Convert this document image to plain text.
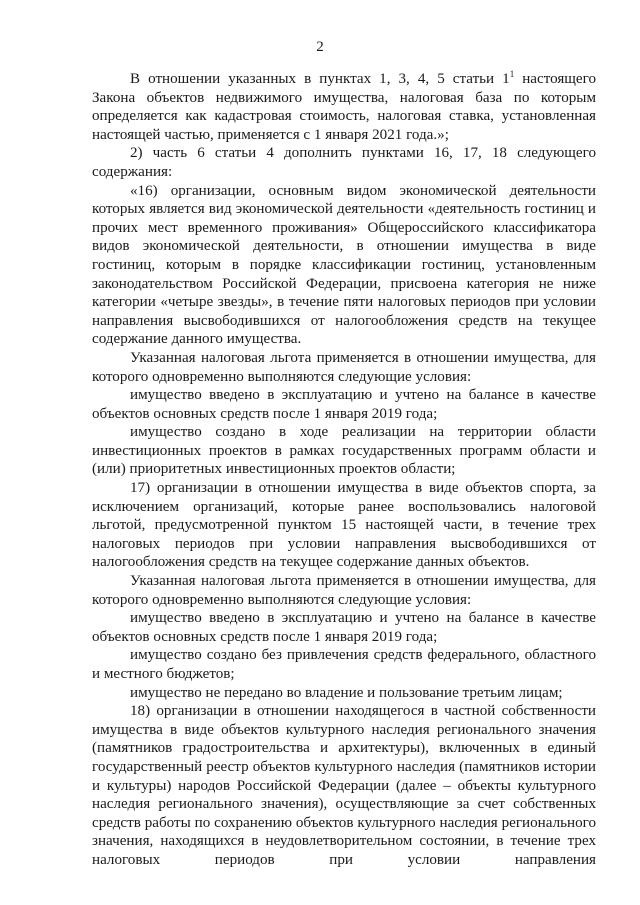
2

В отношении указанных в пунктах 1, 3, 4, 5 статьи $1^1$ настоящего Закона объектов недвижимого имущества, налоговая база по которым определяется как кадастровая стоимость, налоговая ставка, установленная настоящей частью, применяется с 1 января 2021 года.»;

2) часть 6 статьи 4 дополнить пунктами 16, 17, 18 следующего содержания:

«16) организации, основным видом экономической деятельности которых является вид экономической деятельности «деятельность гостиниц и прочих мест временного проживания» Общероссийского классификатора видов экономической деятельности, в отношении имущества в виде гостиниц, которым в порядке классификации гостиниц, установленным законодательством Российской Федерации, присвоена категория не ниже категории «четыре звезды», в течение пяти налоговых периодов при условии направления высвободившихся от налогообложения средств на текущее содержание данного имущества.

Указанная налоговая льгота применяется в отношении имущества, для которого одновременно выполняются следующие условия:

имущество введено в эксплуатацию и учтено на балансе в качестве объектов основных средств после 1 января 2019 года;

имущество создано в ходе реализации на территории области инвестиционных проектов в рамках государственных программ области и (или) приоритетных инвестиционных проектов области;

17) организации в отношении имущества в виде объектов спорта, за исключением организаций, которые ранее воспользовались налоговой льготой, предусмотренной пунктом 15 настоящей части, в течение трех налоговых периодов при условии направления высвободившихся от налогообложения средств на текущее содержание данных объектов.

Указанная налоговая льгота применяется в отношении имущества, для которого одновременно выполняются следующие условия:

имущество введено в эксплуатацию и учтено на балансе в качестве объектов основных средств после 1 января 2019 года;

имущество создано без привлечения средств федерального, областного и местного бюджетов;

имущество не передано во владение и пользование третьим лицам;

18) организации в отношении находящегося в частной собственности имущества в виде объектов культурного наследия регионального значения (памятников градостроительства и архитектуры), включенных в единый государственный реестр объектов культурного наследия (памятников истории и культуры) народов Российской Федерации (далее – объекты культурного наследия регионального значения), осуществляющие за счет собственных средств работы по сохранению объектов культурного наследия регионального значения, находящихся в неудовлетворительном состоянии, в течение трех налоговых периодов при условии направления
